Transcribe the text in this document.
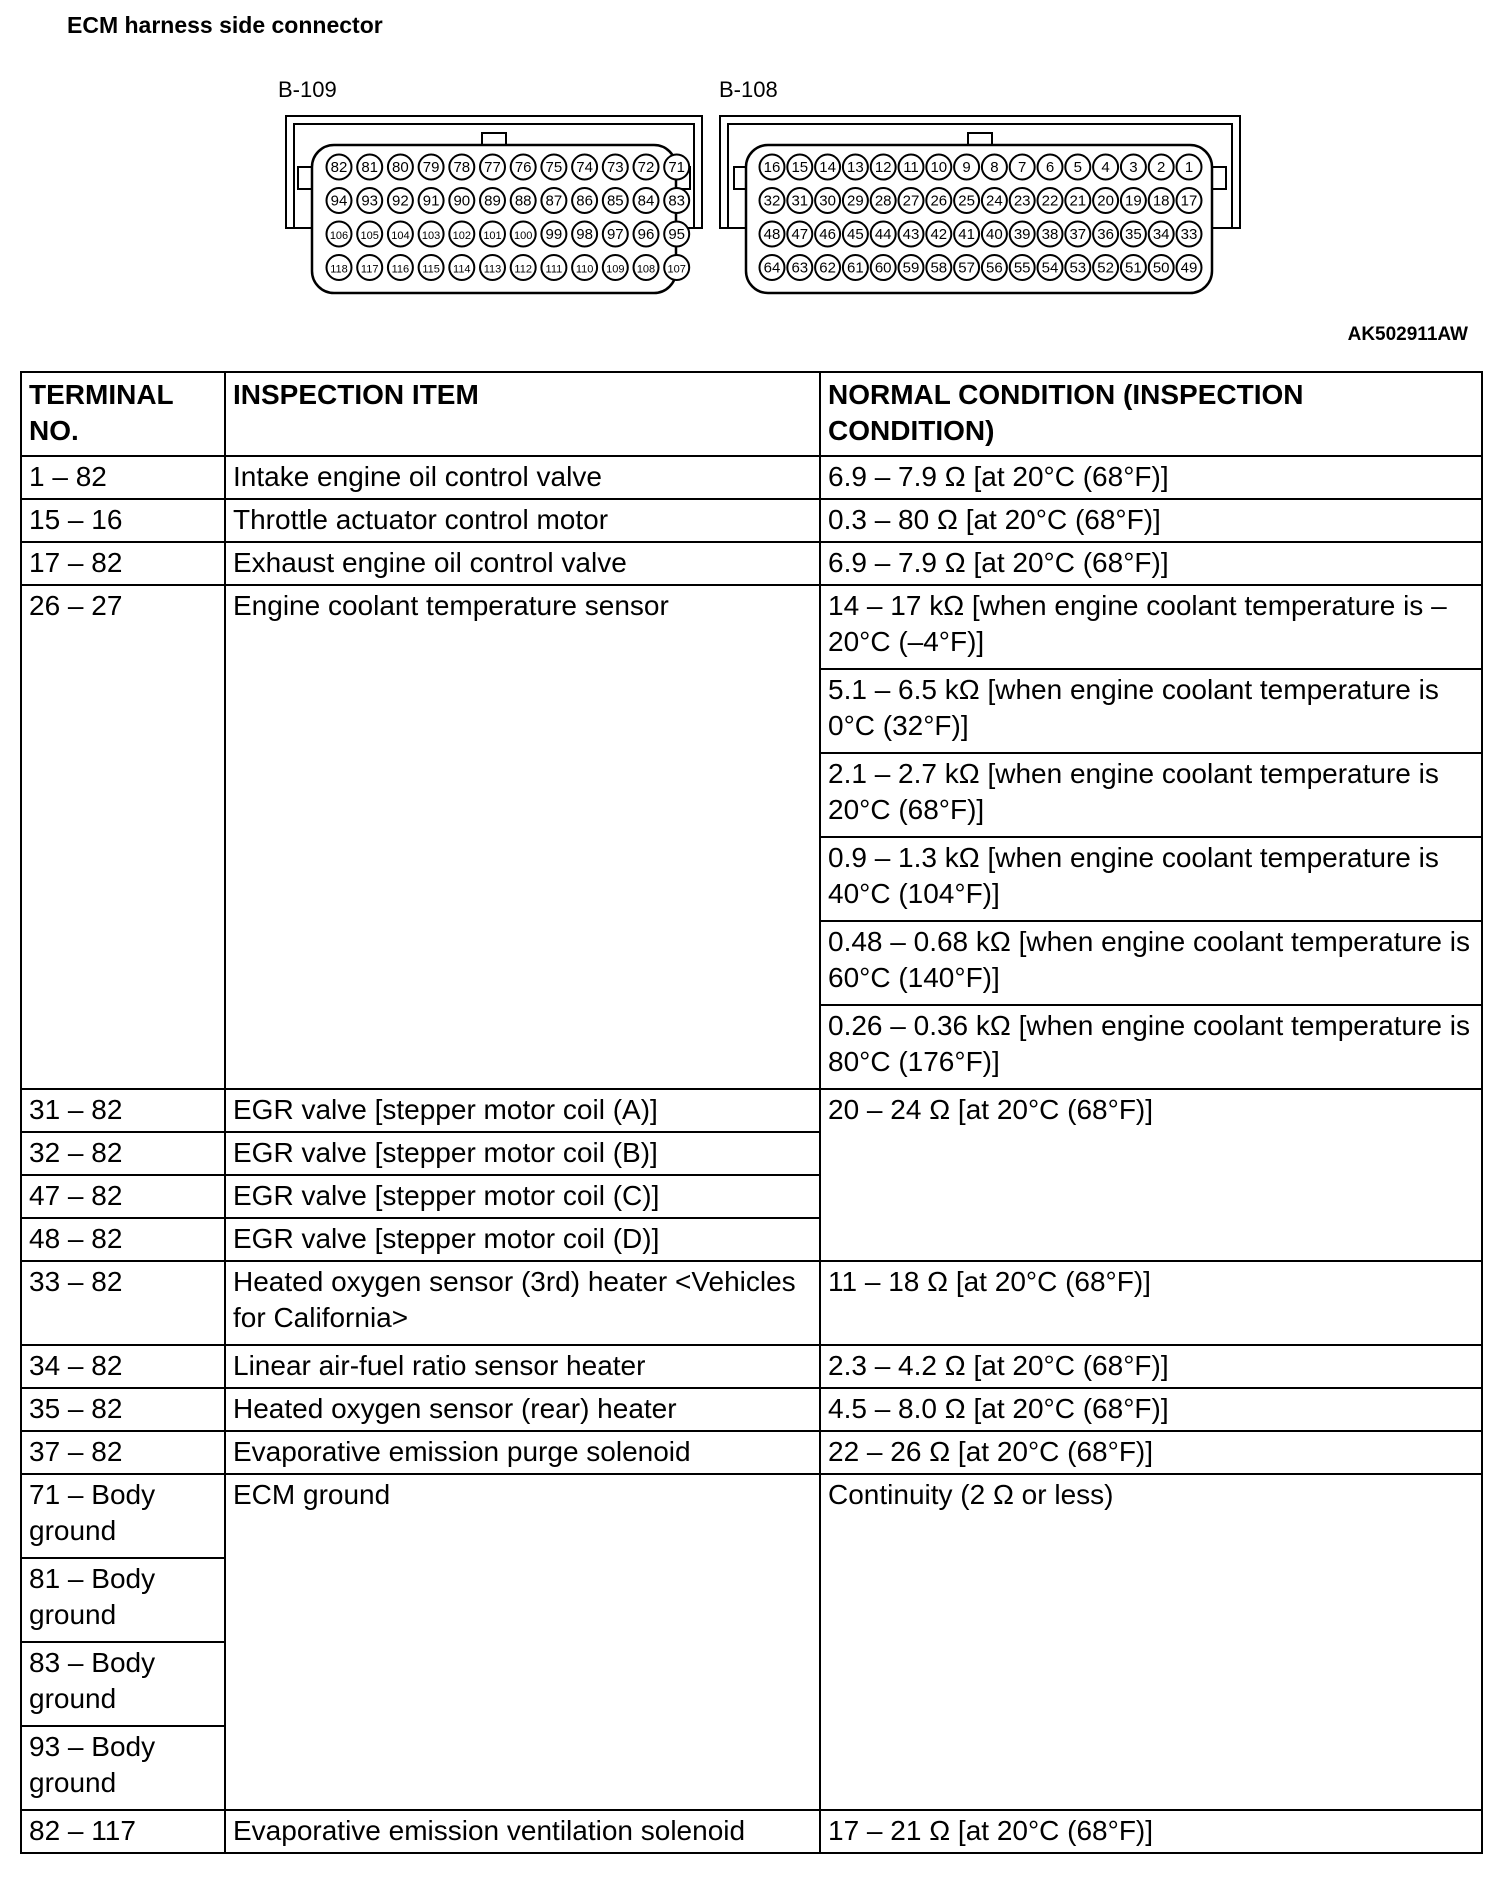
ECM harness side connector
B-109
82 81 80 79 78 77 76 75 74 73 72 71
94 93 92 91 90 89 88 87 86 85 84 83
106 105 104 103 102 101 100 99 98 97 96 95
118 117 116 115 114 113 112 111 110 109 108 107
B-108
16 15 14 13 12 11 10 9 8 7 6 5 4 3 2 1
32 31 30 29 28 27 26 25 24 23 22 21 20 19 18 17
48 47 46 45 44 43 42 41 40 39 38 37 36 35 34 33
64 63 62 61 60 59 58 57 56 55 54 53 52 51 50 49
AK502911AW
TERMINAL NO.	INSPECTION ITEM	NORMAL CONDITION (INSPECTION CONDITION)
1 – 82	Intake engine oil control valve	6.9 – 7.9 Ω [at 20°C (68°F)]
15 – 16	Throttle actuator control motor	0.3 – 80 Ω [at 20°C (68°F)]
17 – 82	Exhaust engine oil control valve	6.9 – 7.9 Ω [at 20°C (68°F)]
26 – 27	Engine coolant temperature sensor	14 – 17 kΩ [when engine coolant temperature is –20°C (–4°F)]
		5.1 – 6.5 kΩ [when engine coolant temperature is 0°C (32°F)]
		2.1 – 2.7 kΩ [when engine coolant temperature is 20°C (68°F)]
		0.9 – 1.3 kΩ [when engine coolant temperature is 40°C (104°F)]
		0.48 – 0.68 kΩ [when engine coolant temperature is 60°C (140°F)]
		0.26 – 0.36 kΩ [when engine coolant temperature is 80°C (176°F)]
31 – 82	EGR valve [stepper motor coil (A)]	20 – 24 Ω [at 20°C (68°F)]
32 – 82	EGR valve [stepper motor coil (B)]	
47 – 82	EGR valve [stepper motor coil (C)]	
48 – 82	EGR valve [stepper motor coil (D)]	
33 – 82	Heated oxygen sensor (3rd) heater <Vehicles for California>	11 – 18 Ω [at 20°C (68°F)]
34 – 82	Linear air-fuel ratio sensor heater	2.3 – 4.2 Ω [at 20°C (68°F)]
35 – 82	Heated oxygen sensor (rear) heater	4.5 – 8.0 Ω [at 20°C (68°F)]
37 – 82	Evaporative emission purge solenoid	22 – 26 Ω [at 20°C (68°F)]
71 – Body ground	ECM ground	Continuity (2 Ω or less)
81 – Body ground		
83 – Body ground		
93 – Body ground		
82 – 117	Evaporative emission ventilation solenoid	17 – 21 Ω [at 20°C (68°F)]
